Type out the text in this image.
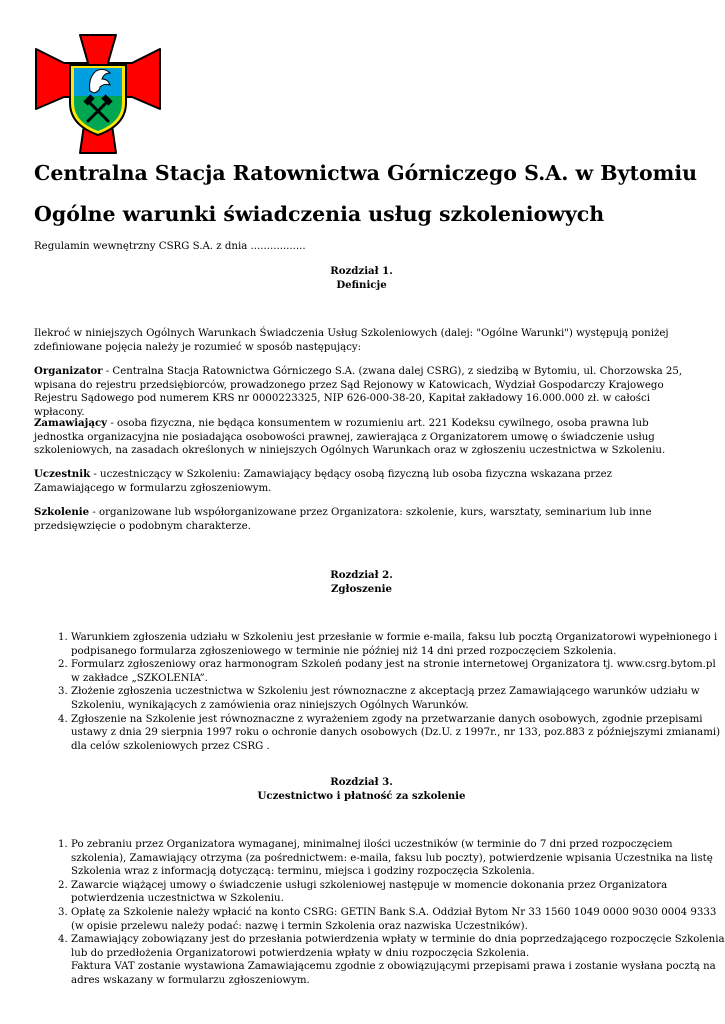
Centralna Stacja Ratownictwa Górniczego S.A. w Bytomiu
Ogólne warunki świadczenia usług szkoleniowych
Regulamin wewnętrzny CSRG S.A. z dnia .................
Rozdział 1.
Definicje
Ilekroć w niniejszych Ogólnych Warunkach Świadczenia Usług Szkoleniowych (dalej: "Ogólne Warunki") występują poniżej zdefiniowane pojęcia należy je rozumieć w sposób następujący:
Organizator - Centralna Stacja Ratownictwa Górniczego S.A. (zwana dalej CSRG), z siedzibą w Bytomiu, ul. Chorzowska 25, wpisana do rejestru przedsiębiorców, prowadzonego przez Sąd Rejonowy w Katowicach, Wydział Gospodarczy Krajowego Rejestru Sądowego pod numerem KRS nr 0000223325, NIP 626-000-38-20, Kapitał zakładowy 16.000.000 zł. w całości wpłacony.
Zamawiający - osoba fizyczna, nie będąca konsumentem w rozumieniu art. 221 Kodeksu cywilnego, osoba prawna lub jednostka organizacyjna nie posiadająca osobowości prawnej, zawierająca z Organizatorem umowę o świadczenie usług szkoleniowych, na zasadach określonych w niniejszych Ogólnych Warunkach oraz w zgłoszeniu uczestnictwa w Szkoleniu.
Uczestnik - uczestniczący w Szkoleniu: Zamawiający będący osobą fizyczną lub osoba fizyczna wskazana przez Zamawiającego w formularzu zgłoszeniowym.
Szkolenie - organizowane lub współorganizowane przez Organizatora: szkolenie, kurs, warsztaty, seminarium lub inne przedsięwzięcie o podobnym charakterze.
Rozdział 2.
Zgłoszenie
1. Warunkiem zgłoszenia udziału w Szkoleniu jest przesłanie w formie e-maila, faksu lub pocztą Organizatorowi wypełnionego i podpisanego formularza zgłoszeniowego w terminie nie później niż 14 dni przed rozpoczęciem Szkolenia.
2. Formularz zgłoszeniowy oraz harmonogram Szkoleń podany jest na stronie internetowej Organizatora tj. www.csrg.bytom.pl w zakładce „SZKOLENIA”.
3. Złożenie zgłoszenia uczestnictwa w Szkoleniu jest równoznaczne z akceptacją przez Zamawiającego warunków udziału w Szkoleniu, wynikających z zamówienia oraz niniejszych Ogólnych Warunków.
4. Zgłoszenie na Szkolenie jest równoznaczne z wyrażeniem zgody na przetwarzanie danych osobowych, zgodnie przepisami ustawy z dnia 29 sierpnia 1997 roku o ochronie danych osobowych (Dz.U. z 1997r., nr 133, poz.883 z późniejszymi zmianami) dla celów szkoleniowych przez CSRG .
Rozdział 3.
Uczestnictwo i płatność za szkolenie
1. Po zebraniu przez Organizatora wymaganej, minimalnej ilości uczestników (w terminie do 7 dni przed rozpoczęciem szkolenia), Zamawiający otrzyma (za pośrednictwem: e-maila, faksu lub poczty), potwierdzenie wpisania Uczestnika na listę Szkolenia wraz z informacją dotyczącą: terminu, miejsca i godziny rozpoczęcia Szkolenia.
2. Zawarcie wiążącej umowy o świadczenie usługi szkoleniowej następuje w momencie dokonania przez Organizatora potwierdzenia uczestnictwa w Szkoleniu.
3. Opłatę za Szkolenie należy wpłacić na konto CSRG: GETIN Bank S.A. Oddział Bytom Nr 33 1560 1049 0000 9030 0004 9333 (w opisie przelewu należy podać: nazwę i termin Szkolenia oraz nazwiska Uczestników).
4. Zamawiający zobowiązany jest do przesłania potwierdzenia wpłaty w terminie do dnia poprzedzającego rozpoczęcie Szkolenia lub do przedłożenia Organizatorowi potwierdzenia wpłaty w dniu rozpoczęcia Szkolenia.
Faktura VAT zostanie wystawiona Zamawiającemu zgodnie z obowiązującymi przepisami prawa i zostanie wysłana pocztą na adres wskazany w formularzu zgłoszeniowym.
